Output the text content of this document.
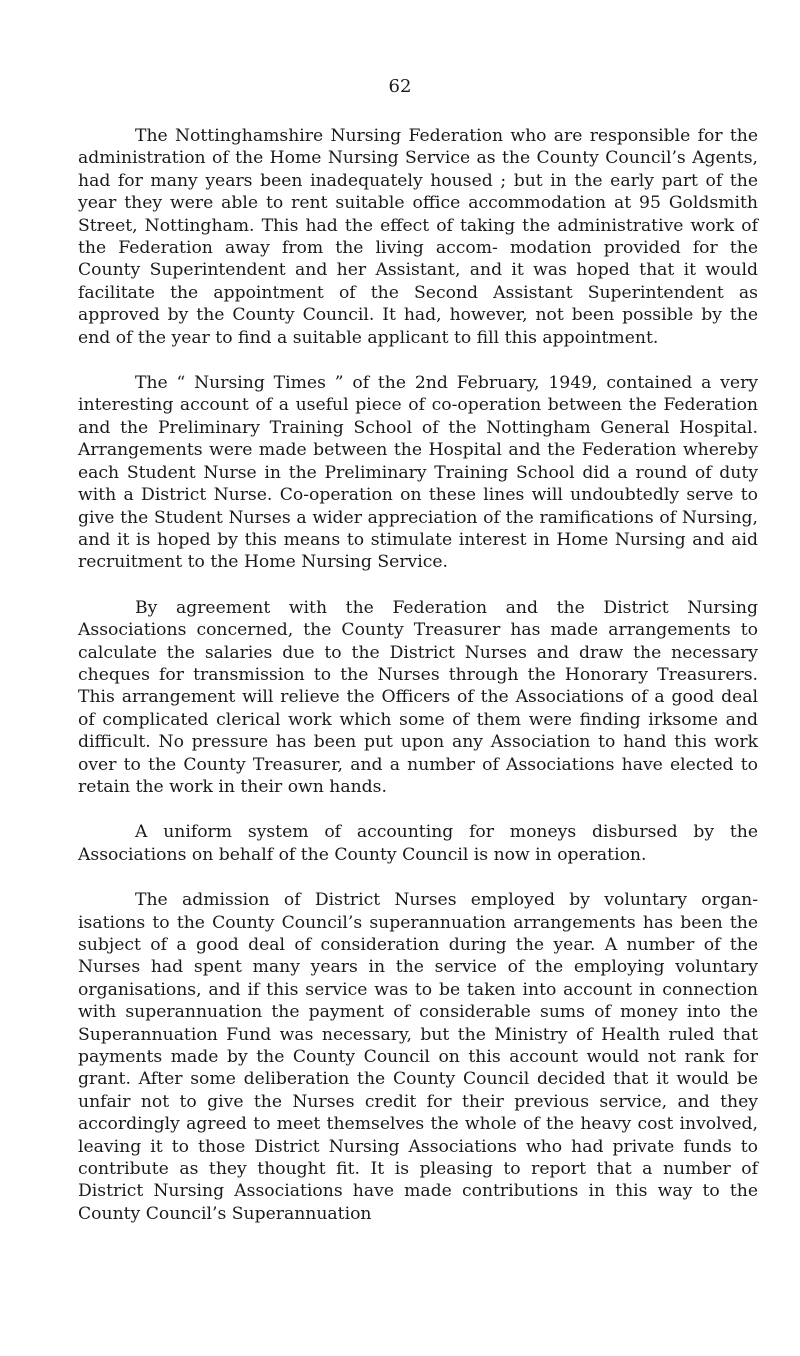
62

The Nottinghamshire Nursing Federation who are responsible for the administration of the Home Nursing Service as the County Council’s Agents, had for many years been inadequately housed ; but in the early part of the year they were able to rent suitable office accommodation at 95 Goldsmith Street, Nottingham. This had the effect of taking the administrative work of the Federation away from the living accom- modation provided for the County Superintendent and her Assistant, and it was hoped that it would facilitate the appointment of the Second Assistant Superintendent as approved by the County Council. It had, however, not been possible by the end of the year to find a suitable applicant to fill this appointment.

The “ Nursing Times ” of the 2nd February, 1949, contained a very interesting account of a useful piece of co-operation between the Federation and the Preliminary Training School of the Nottingham General Hospital. Arrangements were made between the Hospital and the Federation whereby each Student Nurse in the Preliminary Training School did a round of duty with a District Nurse. Co-operation on these lines will undoubtedly serve to give the Student Nurses a wider appreciation of the ramifications of Nursing, and it is hoped by this means to stimulate interest in Home Nursing and aid recruitment to the Home Nursing Service.

By agreement with the Federation and the District Nursing Associations concerned, the County Treasurer has made arrangements to calculate the salaries due to the District Nurses and draw the necessary cheques for transmission to the Nurses through the Honorary Treasurers. This arrangement will relieve the Officers of the Associations of a good deal of complicated clerical work which some of them were finding irksome and difficult. No pressure has been put upon any Association to hand this work over to the County Treasurer, and a number of Associations have elected to retain the work in their own hands.

A uniform system of accounting for moneys disbursed by the Associations on behalf of the County Council is now in operation.

The admission of District Nurses employed by voluntary organ- isations to the County Council’s superannuation arrangements has been the subject of a good deal of consideration during the year. A number of the Nurses had spent many years in the service of the employing voluntary organisations, and if this service was to be taken into account in connection with superannuation the payment of considerable sums of money into the Superannuation Fund was necessary, but the Ministry of Health ruled that payments made by the County Council on this account would not rank for grant. After some deliberation the County Council decided that it would be unfair not to give the Nurses credit for their previous service, and they accordingly agreed to meet themselves the whole of the heavy cost involved, leaving it to those District Nursing Associations who had private funds to contribute as they thought fit. It is pleasing to report that a number of District Nursing Associations have made contributions in this way to the County Council’s Superannuation
